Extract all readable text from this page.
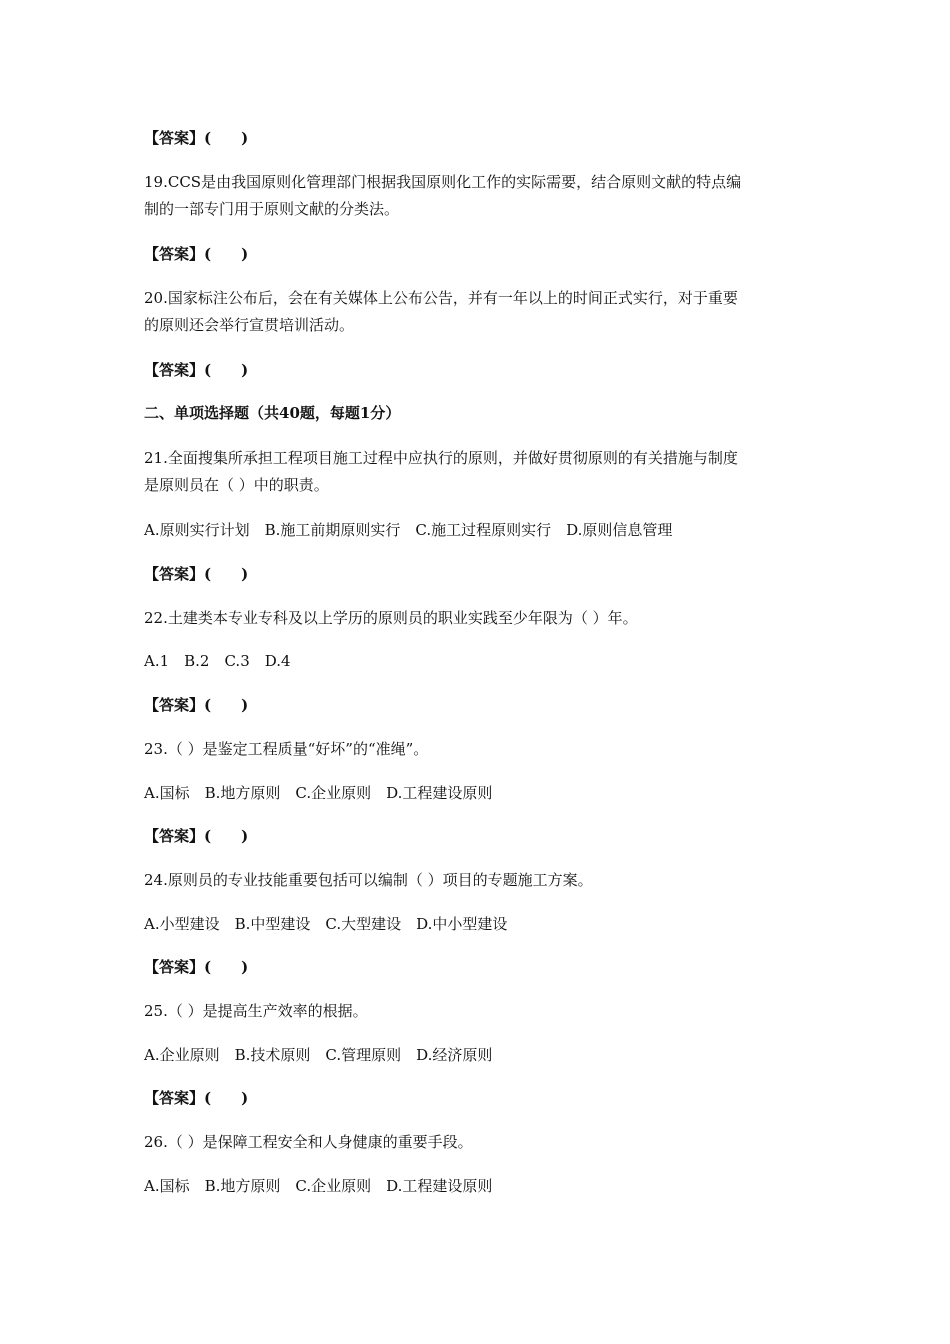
【答案】(　　)
19.CCS是由我国原则化管理部门根据我国原则化工作的实际需要，结合原则文献的特点编
制的一部专门用于原则文献的分类法。
【答案】(　　)
20.国家标注公布后，会在有关媒体上公布公告，并有一年以上的时间正式实行，对于重要
的原则还会举行宣贯培训活动。
【答案】(　　)
二、单项选择题（共40题，每题1分）
21.全面搜集所承担工程项目施工过程中应执行的原则，并做好贯彻原则的有关措施与制度
是原则员在（ ）中的职责。
A.原则实行计划　B.施工前期原则实行　C.施工过程原则实行　D.原则信息管理
【答案】(　　)
22.土建类本专业专科及以上学历的原则员的职业实践至少年限为（ ）年。
A.1　B.2　C.3　D.4
【答案】(　　)
23.（ ）是鉴定工程质量“好坏”的“准绳”。
A.国标　B.地方原则　C.企业原则　D.工程建设原则
【答案】(　　)
24.原则员的专业技能重要包括可以编制（ ）项目的专题施工方案。
A.小型建设　B.中型建设　C.大型建设　D.中小型建设
【答案】(　　)
25.（ ）是提高生产效率的根据。
A.企业原则　B.技术原则　C.管理原则　D.经济原则
【答案】(　　)
26.（ ）是保障工程安全和人身健康的重要手段。
A.国标　B.地方原则　C.企业原则　D.工程建设原则
